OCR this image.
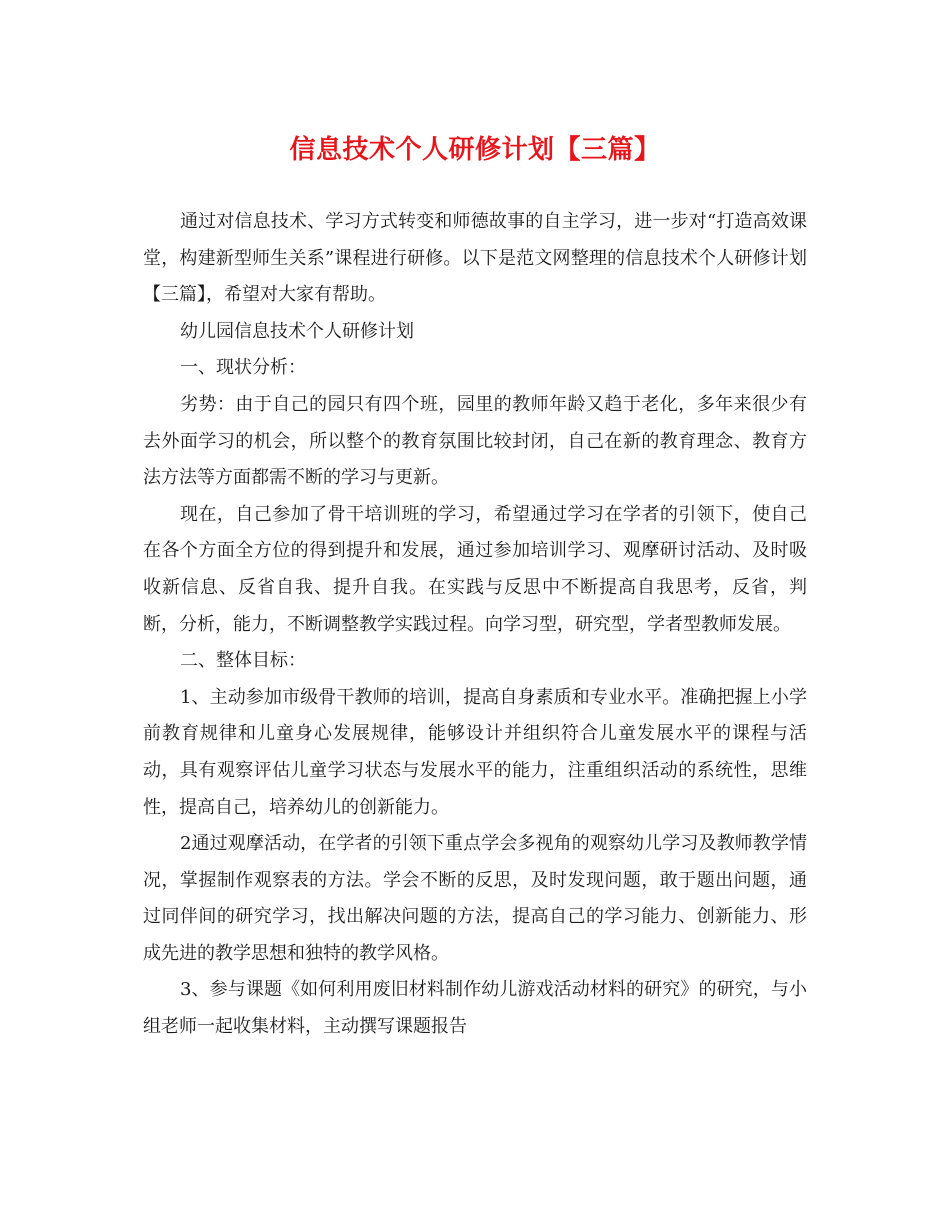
信息技术个人研修计划【三篇】

通过对信息技术、学习方式转变和师德故事的自主学习，进一步对“打造高效课堂，构建新型师生关系”课程进行研修。以下是范文网整理的信息技术个人研修计划【三篇】，希望对大家有帮助。

幼儿园信息技术个人研修计划

一、现状分析：

劣势：由于自己的园只有四个班，园里的教师年龄又趋于老化，多年来很少有去外面学习的机会，所以整个的教育氛围比较封闭，自己在新的教育理念、教育方法方法等方面都需不断的学习与更新。

现在，自己参加了骨干培训班的学习，希望通过学习在学者的引领下，使自己在各个方面全方位的得到提升和发展，通过参加培训学习、观摩研讨活动、及时吸收新信息、反省自我、提升自我。在实践与反思中不断提高自我思考，反省，判断，分析，能力，不断调整教学实践过程。向学习型，研究型，学者型教师发展。

二、整体目标：

1、主动参加市级骨干教师的培训，提高自身素质和专业水平。准确把握上小学前教育规律和儿童身心发展规律，能够设计并组织符合儿童发展水平的课程与活动，具有观察评估儿童学习状态与发展水平的能力，注重组织活动的系统性，思维性，提高自己，培养幼儿的创新能力。

2通过观摩活动，在学者的引领下重点学会多视角的观察幼儿学习及教师教学情况，掌握制作观察表的方法。学会不断的反思，及时发现问题，敢于题出问题，通过同伴间的研究学习，找出解决问题的方法，提高自己的学习能力、创新能力、形成先进的教学思想和独特的教学风格。

3、参与课题《如何利用废旧材料制作幼儿游戏活动材料的研究》的研究，与小组老师一起收集材料，主动撰写课题报告
